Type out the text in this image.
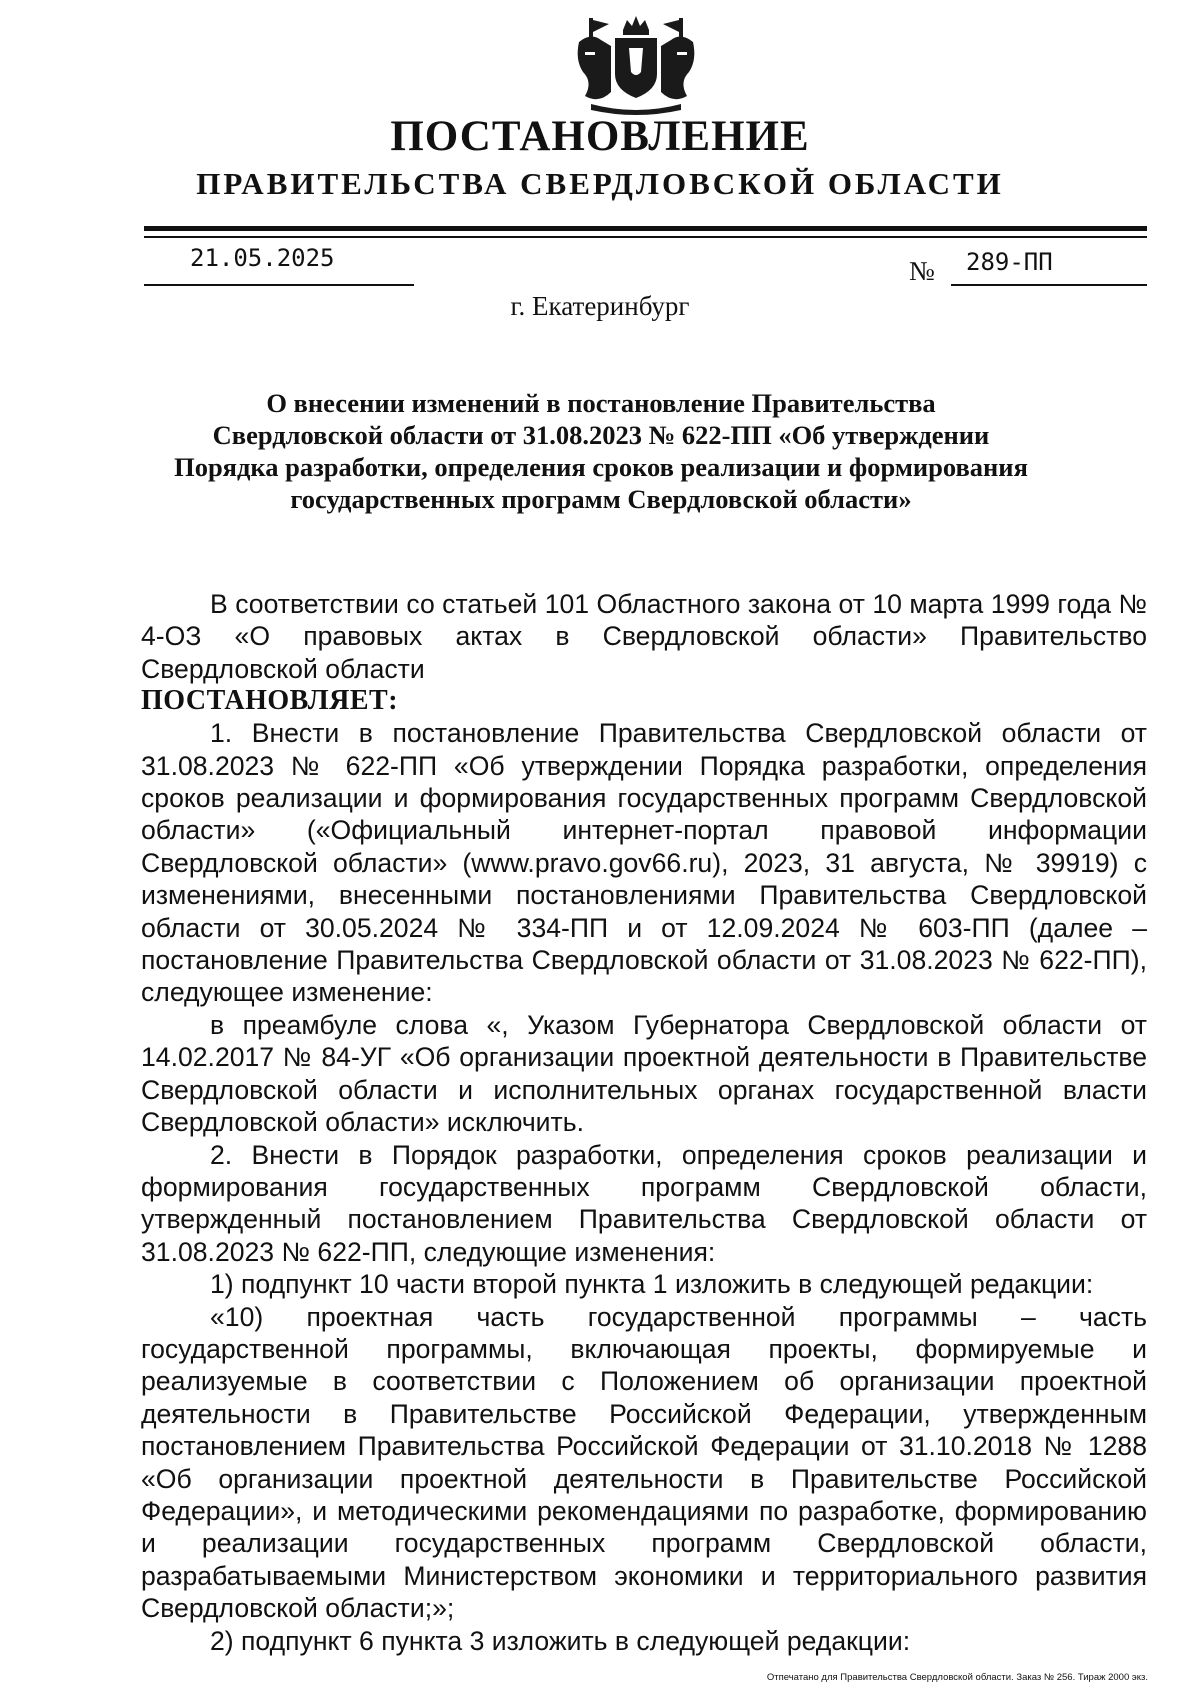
ПОСТАНОВЛЕНИЕ
ПРАВИТЕЛЬСТВА СВЕРДЛОВСКОЙ ОБЛАСТИ
21.05.2025	№ 289-ПП
г. Екатеринбург
О внесении изменений в постановление Правительства
Свердловской области от 31.08.2023 № 622-ПП «Об утверждении
Порядка разработки, определения сроков реализации и формирования
государственных программ Свердловской области»

В соответствии со статьей 101 Областного закона от 10 марта 1999 года № 4-ОЗ «О правовых актах в Свердловской области» Правительство Свердловской области

ПОСТАНОВЛЯЕТ:

1. Внести в постановление Правительства Свердловской области от 31.08.2023 № 622-ПП «Об утверждении Порядка разработки, определения сроков реализации и формирования государственных программ Свердловской области» («Официальный интернет-портал правовой информации Свердловской области» (www.pravo.gov66.ru), 2023, 31 августа, № 39919) с изменениями, внесенными постановлениями Правительства Свердловской области от 30.05.2024 № 334-ПП и от 12.09.2024 № 603-ПП (далее – постановление Правительства Свердловской области от 31.08.2023 № 622-ПП), следующее изменение:

в преамбуле слова «, Указом Губернатора Свердловской области от 14.02.2017 № 84-УГ «Об организации проектной деятельности в Правительстве Свердловской области и исполнительных органах государственной власти Свердловской области» исключить.

2. Внести в Порядок разработки, определения сроков реализации и формирования государственных программ Свердловской области, утвержденный постановлением Правительства Свердловской области от 31.08.2023 № 622-ПП, следующие изменения:

1) подпункт 10 части второй пункта 1 изложить в следующей редакции:

«10) проектная часть государственной программы – часть государственной программы, включающая проекты, формируемые и реализуемые в соответствии с Положением об организации проектной деятельности в Правительстве Российской Федерации, утвержденным постановлением Правительства Российской Федерации от 31.10.2018 № 1288 «Об организации проектной деятельности в Правительстве Российской Федерации», и методическими рекомендациями по разработке, формированию и реализации государственных программ Свердловской области, разрабатываемыми Министерством экономики и территориального развития Свердловской области;»;

2) подпункт 6 пункта 3 изложить в следующей редакции:

Отпечатано для Правительства Свердловской области. Заказ № 256. Тираж 2000 экз.
